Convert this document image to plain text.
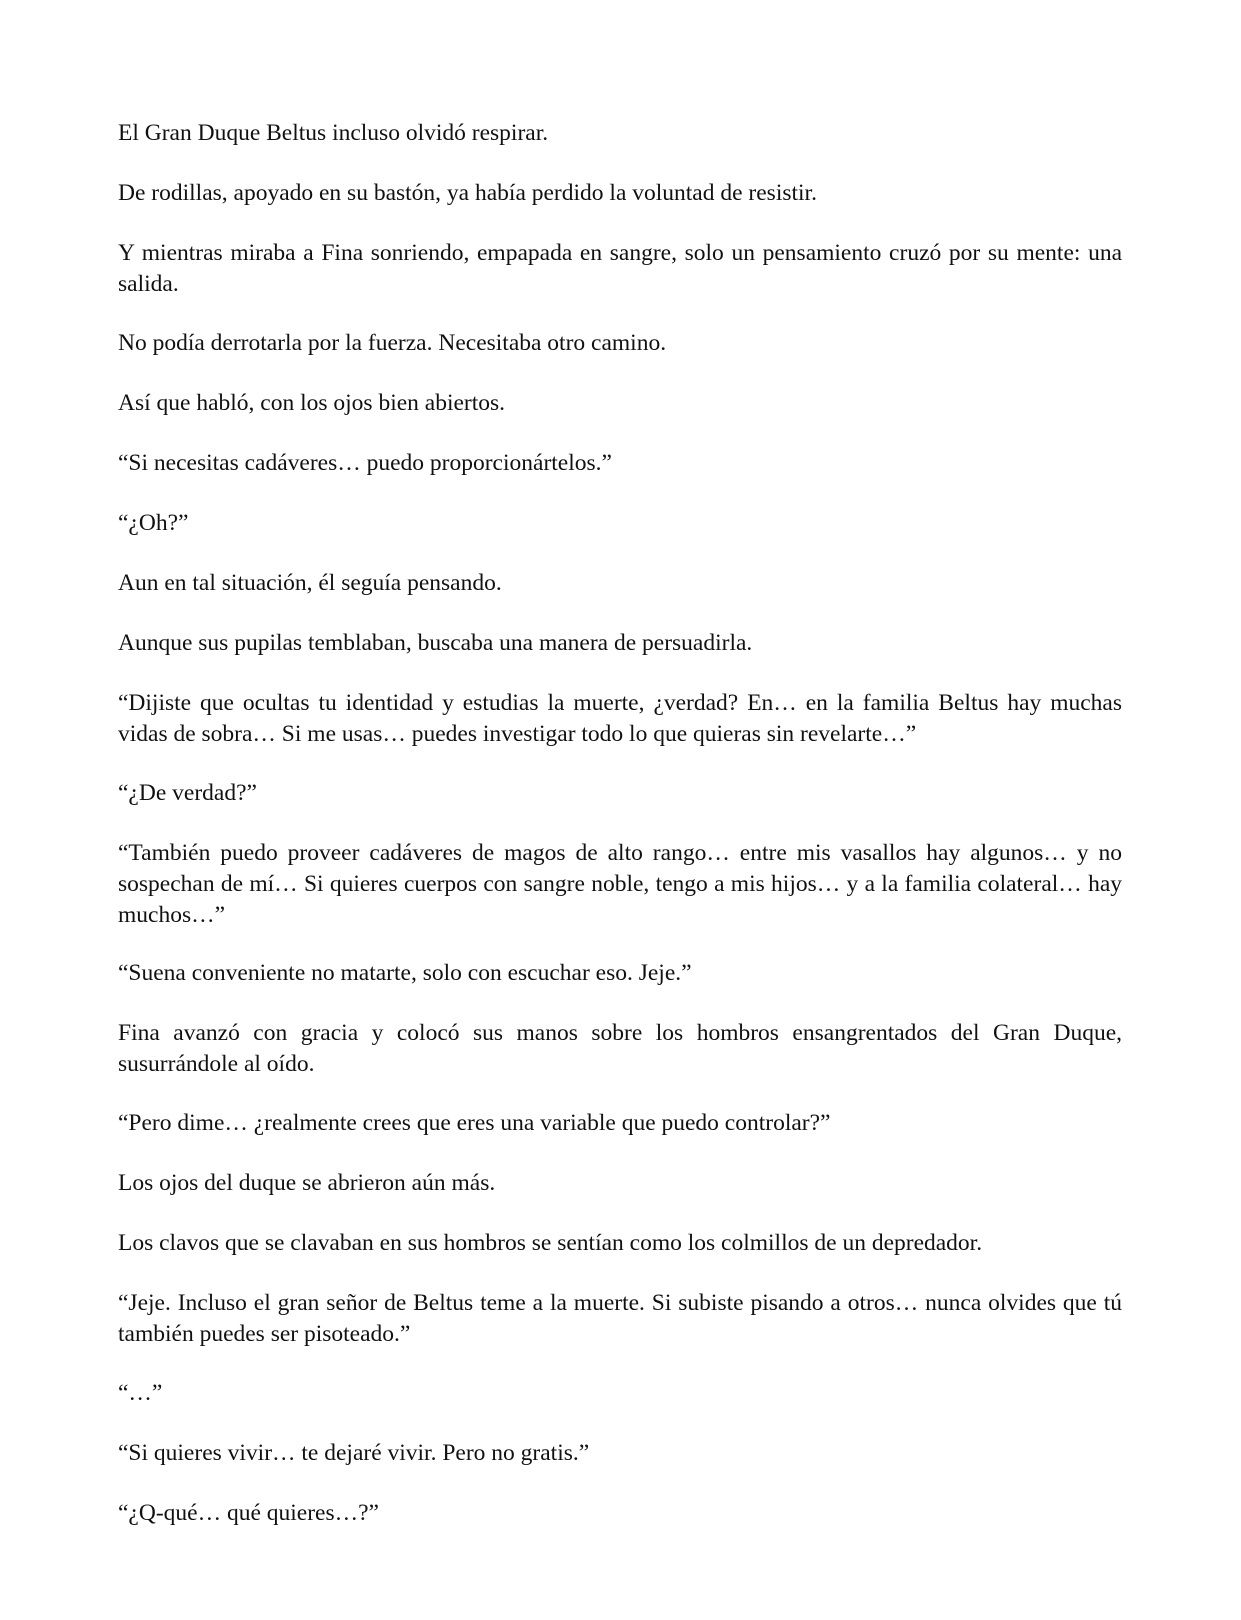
El Gran Duque Beltus incluso olvidó respirar.

De rodillas, apoyado en su bastón, ya había perdido la voluntad de resistir.

Y mientras miraba a Fina sonriendo, empapada en sangre, solo un pensamiento cruzó por su mente: una salida.

No podía derrotarla por la fuerza. Necesitaba otro camino.

Así que habló, con los ojos bien abiertos.

“Si necesitas cadáveres… puedo proporcionártelos.”

“¿Oh?”

Aun en tal situación, él seguía pensando.

Aunque sus pupilas temblaban, buscaba una manera de persuadirla.

“Dijiste que ocultas tu identidad y estudias la muerte, ¿verdad? En… en la familia Beltus hay muchas vidas de sobra… Si me usas… puedes investigar todo lo que quieras sin revelarte…”

“¿De verdad?”

“También puedo proveer cadáveres de magos de alto rango… entre mis vasallos hay algunos… y no sospechan de mí… Si quieres cuerpos con sangre noble, tengo a mis hijos… y a la familia colateral… hay muchos…”

“Suena conveniente no matarte, solo con escuchar eso. Jeje.”

Fina avanzó con gracia y colocó sus manos sobre los hombros ensangrentados del Gran Duque, susurrándole al oído.

“Pero dime… ¿realmente crees que eres una variable que puedo controlar?”

Los ojos del duque se abrieron aún más.

Los clavos que se clavaban en sus hombros se sentían como los colmillos de un depredador.

“Jeje. Incluso el gran señor de Beltus teme a la muerte. Si subiste pisando a otros… nunca olvides que tú también puedes ser pisoteado.”

“…”

“Si quieres vivir… te dejaré vivir. Pero no gratis.”

“¿Q-qué… qué quieres…?”
